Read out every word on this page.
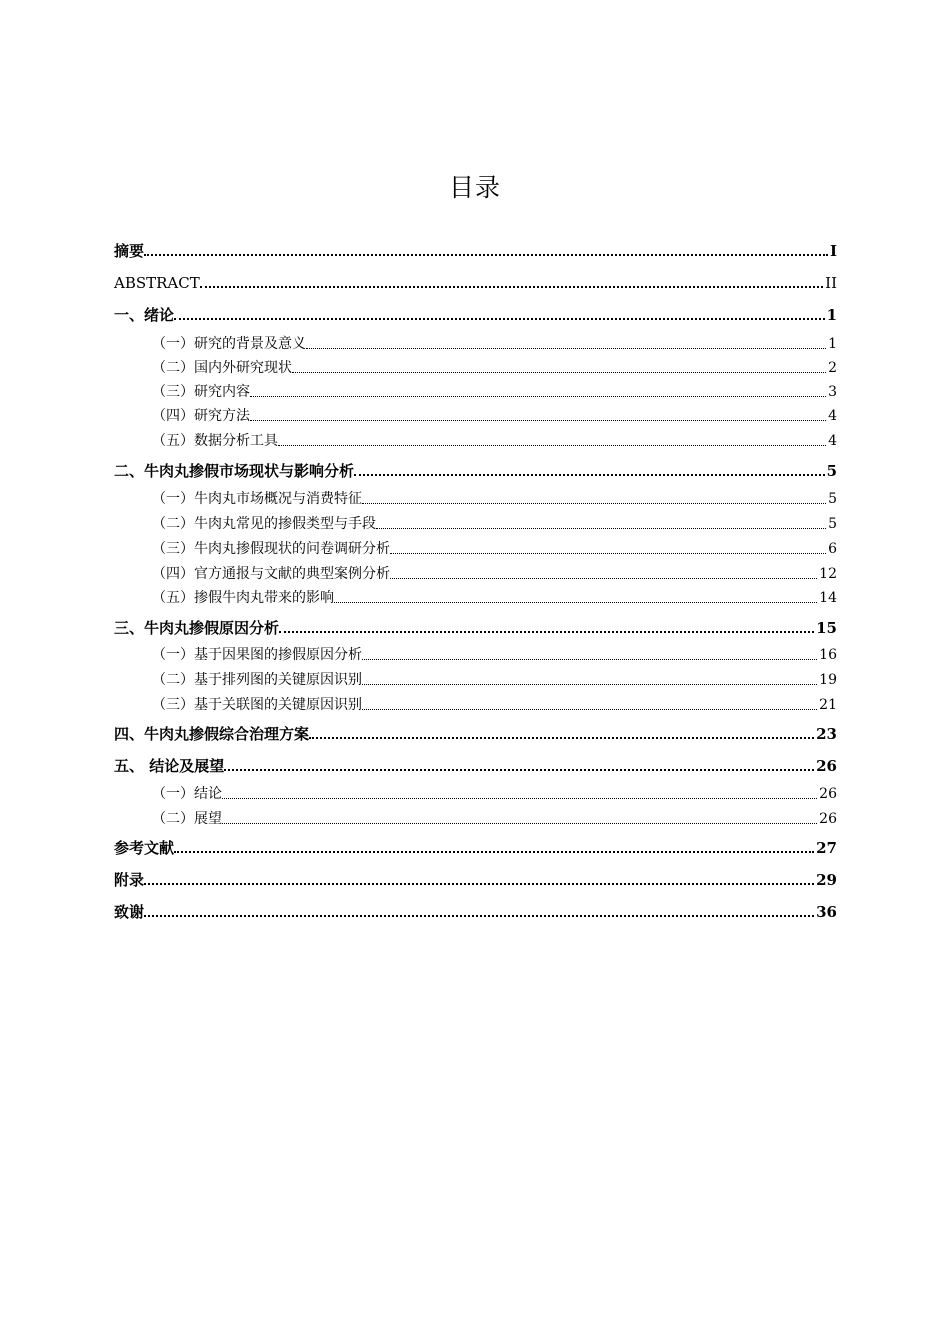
目录
摘要	I
ABSTRACT	II
一、绪论	1
（一）研究的背景及意义	1
（二）国内外研究现状	2
（三）研究内容	3
（四）研究方法	4
（五）数据分析工具	4
二、牛肉丸掺假市场现状与影响分析	5
（一）牛肉丸市场概况与消费特征	5
（二）牛肉丸常见的掺假类型与手段	5
（三）牛肉丸掺假现状的问卷调研分析	6
（四）官方通报与文献的典型案例分析	12
（五）掺假牛肉丸带来的影响	14
三、牛肉丸掺假原因分析	15
（一）基于因果图的掺假原因分析	16
（二）基于排列图的关键原因识别	19
（三）基于关联图的关键原因识别	21
四、牛肉丸掺假综合治理方案	23
五、 结论及展望	26
（一）结论	26
（二）展望	26
参考文献	27
附录	29
致谢	36
